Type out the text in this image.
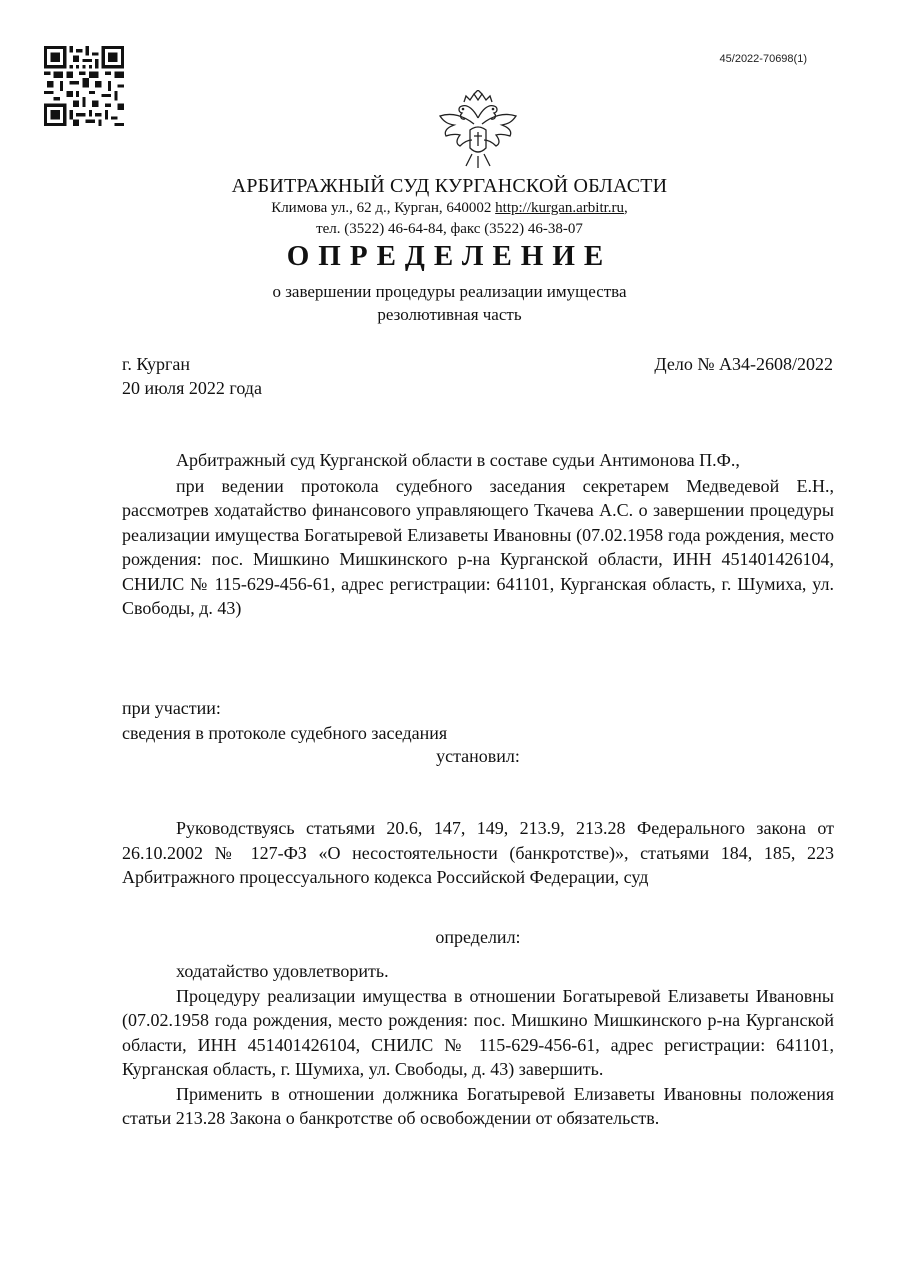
45/2022-70698(1)
АРБИТРАЖНЫЙ СУД КУРГАНСКОЙ ОБЛАСТИ
Климова ул., 62 д., Курган, 640002 http://kurgan.arbitr.ru,
тел. (3522) 46-64-84, факс (3522) 46-38-07
ОПРЕДЕЛЕНИЕ
о завершении процедуры реализации имущества
резолютивная часть
г. Курган
20 июля 2022 года
Дело № А34-2608/2022

Арбитражный суд Курганской области в составе судьи Антимонова П.Ф.,

при ведении протокола судебного заседания секретарем Медведевой Е.Н., рассмотрев ходатайство финансового управляющего Ткачева А.С. о завершении процедуры реализации имущества Богатыревой Елизаветы Ивановны (07.02.1958 года рождения, место рождения: пос. Мишкино Мишкинского р-на Курганской области, ИНН 451401426104, СНИЛС № 115-629-456-61, адрес регистрации: 641101, Курганская область, г. Шумиха, ул. Свободы, д. 43)

при участии:

сведения в протоколе судебного заседания

установил:

Руководствуясь статьями 20.6, 147, 149, 213.9, 213.28 Федерального закона от 26.10.2002 № 127-ФЗ «О несостоятельности (банкротстве)», статьями 184, 185, 223 Арбитражного процессуального кодекса Российской Федерации, суд

определил:

ходатайство удовлетворить.

Процедуру реализации имущества в отношении Богатыревой Елизаветы Ивановны (07.02.1958 года рождения, место рождения: пос. Мишкино Мишкинского р-на Курганской области, ИНН 451401426104, СНИЛС № 115-629-456-61, адрес регистрации: 641101, Курганская область, г. Шумиха, ул. Свободы, д. 43) завершить.

Применить в отношении должника Богатыревой Елизаветы Ивановны положения статьи 213.28 Закона о банкротстве об освобождении от обязательств.
